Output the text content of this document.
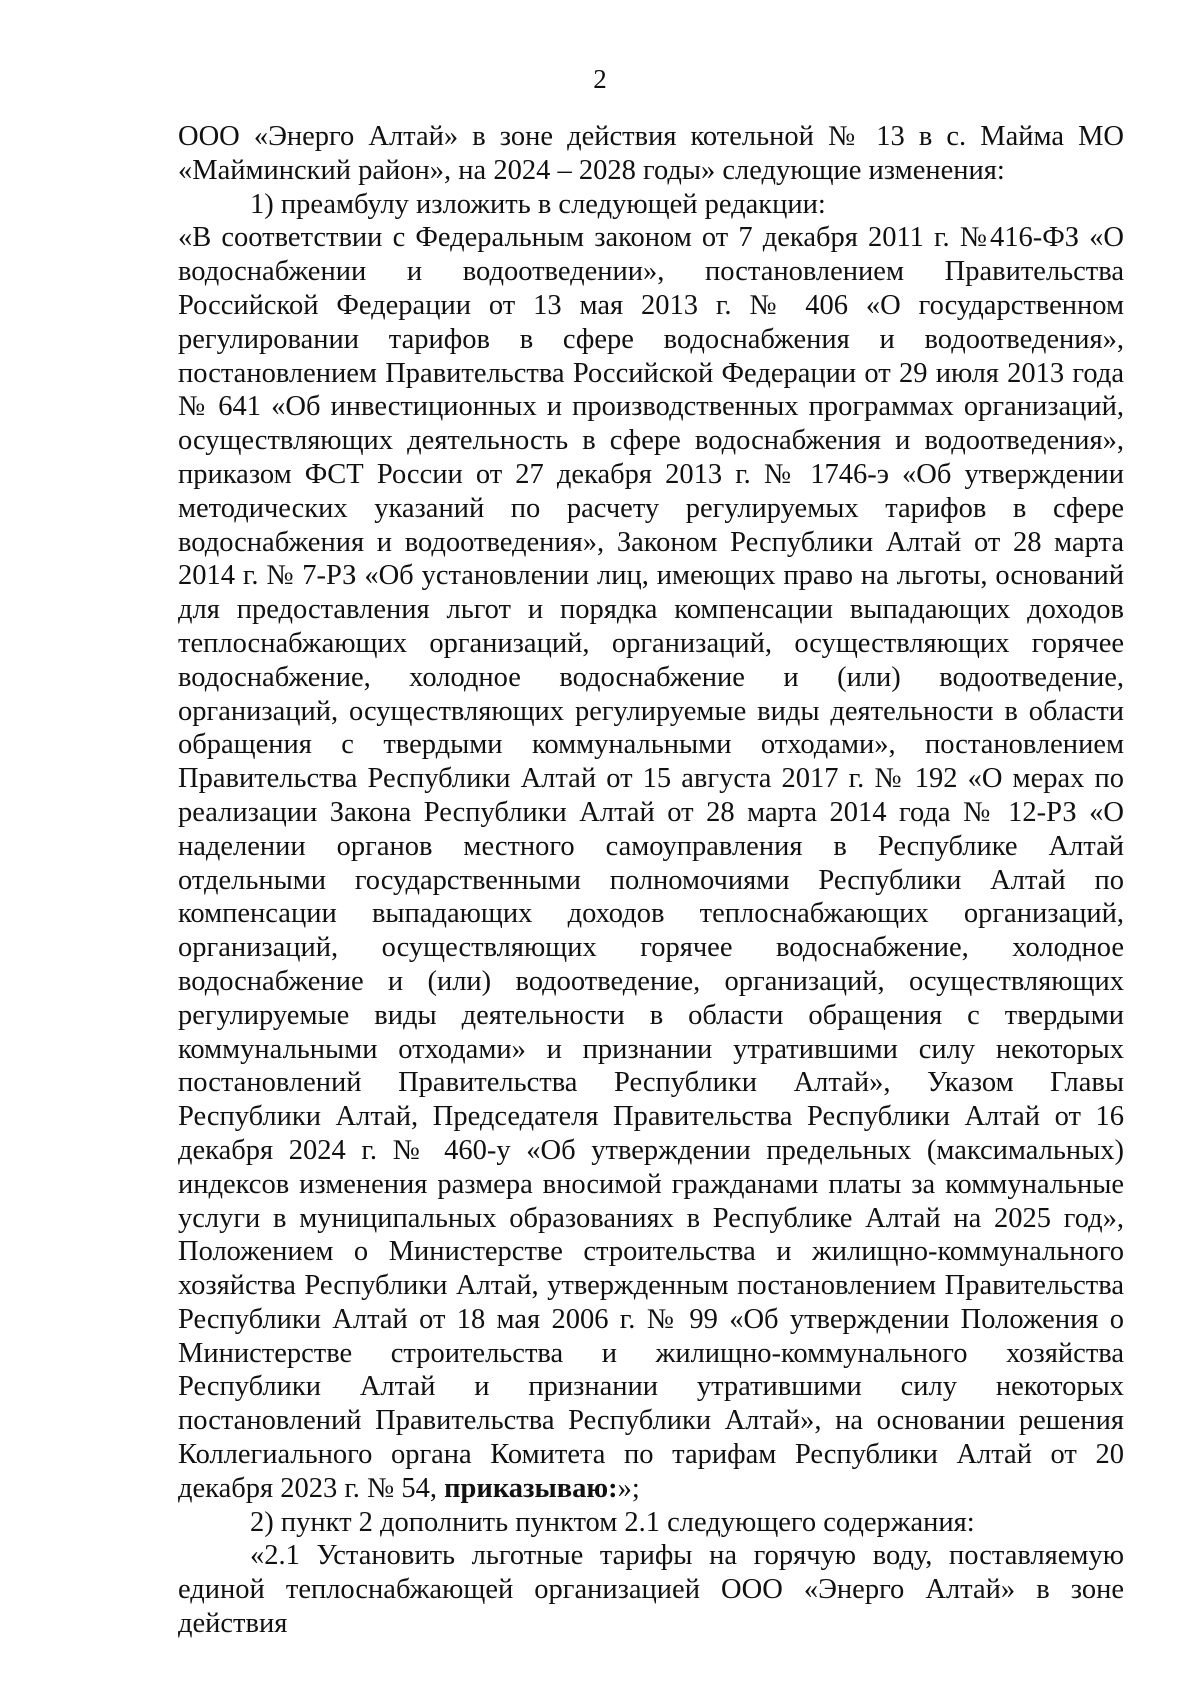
2

ООО «Энерго Алтай» в зоне действия котельной № 13 в с. Майма МО «Майминский район», на 2024 – 2028 годы» следующие изменения:

1) преамбулу изложить в следующей редакции:

«В соответствии с Федеральным законом от 7 декабря 2011 г. №416-ФЗ «О водоснабжении и водоотведении», постановлением Правительства Российской Федерации от 13 мая 2013 г. № 406 «О государственном регулировании тарифов в сфере водоснабжения и водоотведения», постановлением Правительства Российской Федерации от 29 июля 2013 года № 641 «Об инвестиционных и производственных программах организаций, осуществляющих деятельность в сфере водоснабжения и водоотведения», приказом ФСТ России от 27 декабря 2013 г. № 1746-э «Об утверждении методических указаний по расчету регулируемых тарифов в сфере водоснабжения и водоотведения», Законом Республики Алтай от 28 марта 2014 г. № 7-РЗ «Об установлении лиц, имеющих право на льготы, оснований для предоставления льгот и порядка компенсации выпадающих доходов теплоснабжающих организаций, организаций, осуществляющих горячее водоснабжение, холодное водоснабжение и (или) водоотведение, организаций, осуществляющих регулируемые виды деятельности в области обращения с твердыми коммунальными отходами», постановлением Правительства Республики Алтай от 15 августа 2017 г. № 192 «О мерах по реализации Закона Республики Алтай от 28 марта 2014 года № 12-РЗ «О наделении органов местного самоуправления в Республике Алтай отдельными государственными полномочиями Республики Алтай по компенсации выпадающих доходов теплоснабжающих организаций, организаций, осуществляющих горячее водоснабжение, холодное водоснабжение и (или) водоотведение, организаций, осуществляющих регулируемые виды деятельности в области обращения с твердыми коммунальными отходами» и признании утратившими силу некоторых постановлений Правительства Республики Алтай», Указом Главы Республики Алтай, Председателя Правительства Республики Алтай от 16 декабря 2024 г. № 460-у «Об утверждении предельных (максимальных) индексов изменения размера вносимой гражданами платы за коммунальные услуги в муниципальных образованиях в Республике Алтай на 2025 год», Положением о Министерстве строительства и жилищно-коммунального хозяйства Республики Алтай, утвержденным постановлением Правительства Республики Алтай от 18 мая 2006 г. № 99 «Об утверждении Положения о Министерстве строительства и жилищно-коммунального хозяйства Республики Алтай и признании утратившими силу некоторых постановлений Правительства Республики Алтай», на основании решения Коллегиального органа Комитета по тарифам Республики Алтай от 20 декабря 2023 г. № 54, приказываю:»;

2) пункт 2 дополнить пунктом 2.1 следующего содержания:

«2.1 Установить льготные тарифы на горячую воду, поставляемую единой теплоснабжающей организацией ООО «Энерго Алтай» в зоне действия
